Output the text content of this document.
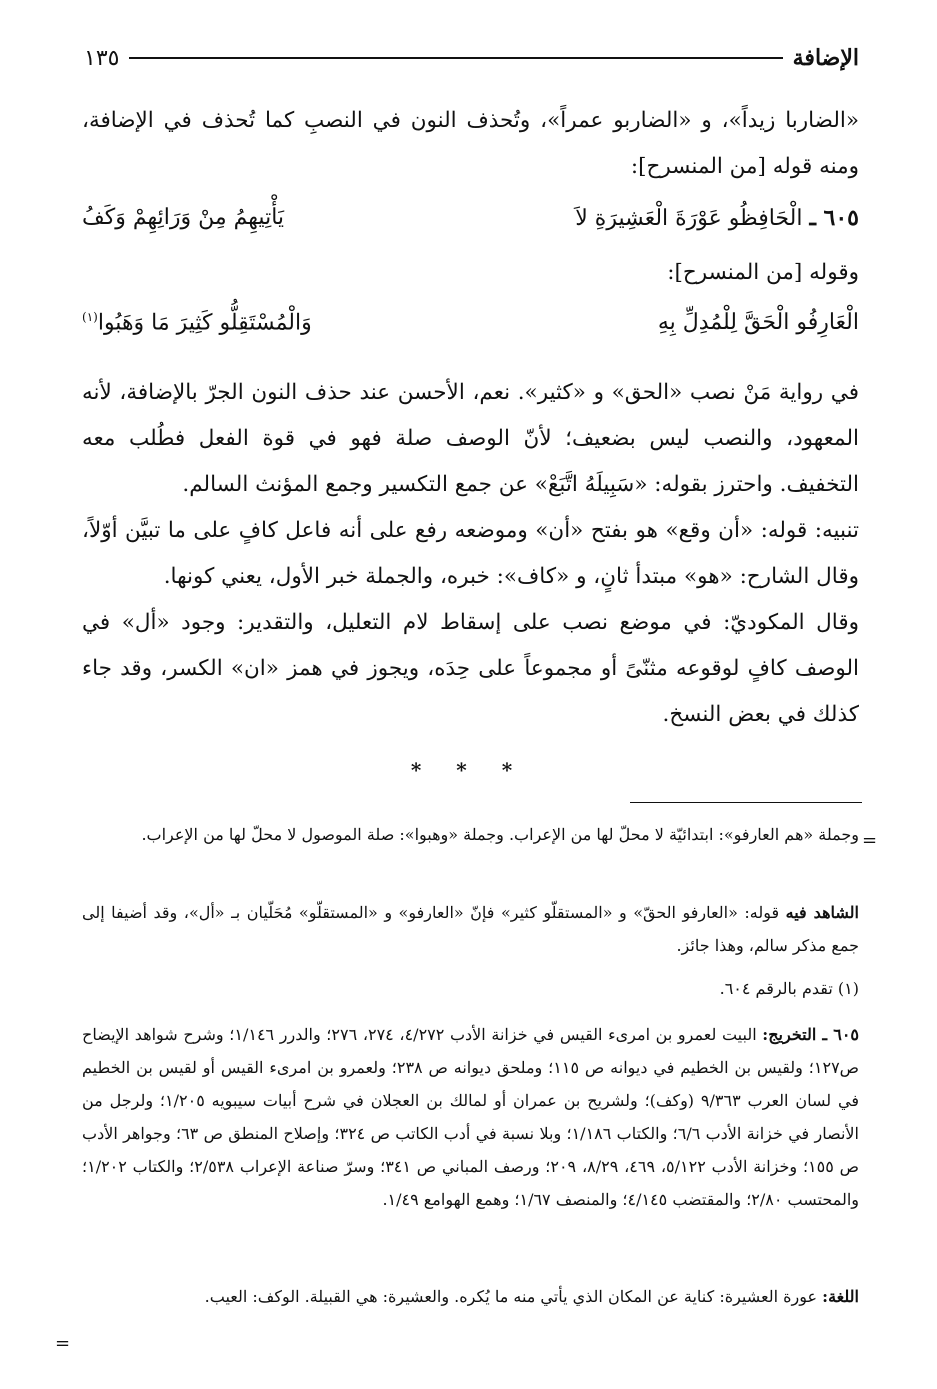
الإضافة
١٣٥
«الضاربا زيداً»، و «الضاربو عمراً»، وتُحذف النون في النصبِ كما تُحذف في الإضافة، ومنه قوله [من المنسرح]:
٦٠٥ ـ الْحَافِظُو عَوْرَةَ الْعَشِيرَةِ لاَ
يَأْتِيهِمُ مِنْ وَرَائِهِمْ وَكَفُ
وقوله [من المنسرح]:
الْعَارِفُو الْحَقَّ لِلْمُدِلِّ بِهِ
وَالْمُسْتَقِلُّو كَثِيرَ مَا وَهَبُوا$^{(١)}$
في رواية مَنْ نصب «الحق» و «كثير». نعم، الأحسن عند حذف النون الجرّ بالإضافة، لأنه المعهود، والنصب ليس بضعيف؛ لأنّ الوصف صلة فهو في قوة الفعل فطُلب معه التخفيف. واحترز بقوله: «سَبِيلَهُ اتَّبَعْ» عن جمع التكسير وجمع المؤنث السالم.
تنبيه: قوله: «أن وقع» هو بفتح «أن» وموضعه رفع على أنه فاعل كافٍ على ما تبيَّن أوّلاً، وقال الشارح: «هو» مبتدأ ثانٍ، و «كاف»: خبره، والجملة خبر الأول، يعني كونها.
وقال المكوديّ: في موضع نصب على إسقاط لام التعليل، والتقدير: وجود «أل» في الوصف كافٍ لوقوعه مثنّىً أو مجموعاً على حِدَه، ويجوز في همز «ان» الكسر، وقد جاء كذلك في بعض النسخ.
* * *
=
وجملة «هم العارفو»: ابتدائيّة لا محلّ لها من الإعراب. وجملة «وهبوا»: صلة الموصول لا محلّ لها من الإعراب.
الشاهد فيه قوله: «العارفو الحقّ» و «المستقلّو كثير» فإنّ «العارفو» و «المستقلّو» مُحَلّيان بـ «أل»، وقد أضيفا إلى جمع مذكر سالم، وهذا جائز.
(١) تقدم بالرقم ٦٠٤.
٦٠٥ ـ التخريج: البيت لعمرو بن امرىء القيس في خزانة الأدب ٤/٢٧٢، ٢٧٤، ٢٧٦؛ والدرر ١/١٤٦؛ وشرح شواهد الإيضاح ص١٢٧؛ ولقيس بن الخطيم في ديوانه ص ١١٥؛ وملحق ديوانه ص ٢٣٨؛ ولعمرو بن امرىء القيس أو لقيس بن الخطيم في لسان العرب ٩/٣٦٣ (وكف)؛ ولشريح بن عمران أو لمالك بن العجلان في شرح أبيات سيبويه ١/٢٠٥؛ ولرجل من الأنصار في خزانة الأدب ٦/٦؛ والكتاب ١/١٨٦؛ وبلا نسبة في أدب الكاتب ص ٣٢٤؛ وإصلاح المنطق ص ٦٣؛ وجواهر الأدب ص ١٥٥؛ وخزانة الأدب ٥/١٢٢، ٤٦٩، ٨/٢٩، ٢٠٩؛ ورصف المباني ص ٣٤١؛ وسرّ صناعة الإعراب ٢/٥٣٨؛ والكتاب ١/٢٠٢؛ والمحتسب ٢/٨٠؛ والمقتضب ٤/١٤٥؛ والمنصف ١/٦٧؛ وهمع الهوامع ١/٤٩.
اللغة: عورة العشيرة: كناية عن المكان الذي يأتي منه ما يُكره. والعشيرة: هي القبيلة. الوكف: العيب.
=
